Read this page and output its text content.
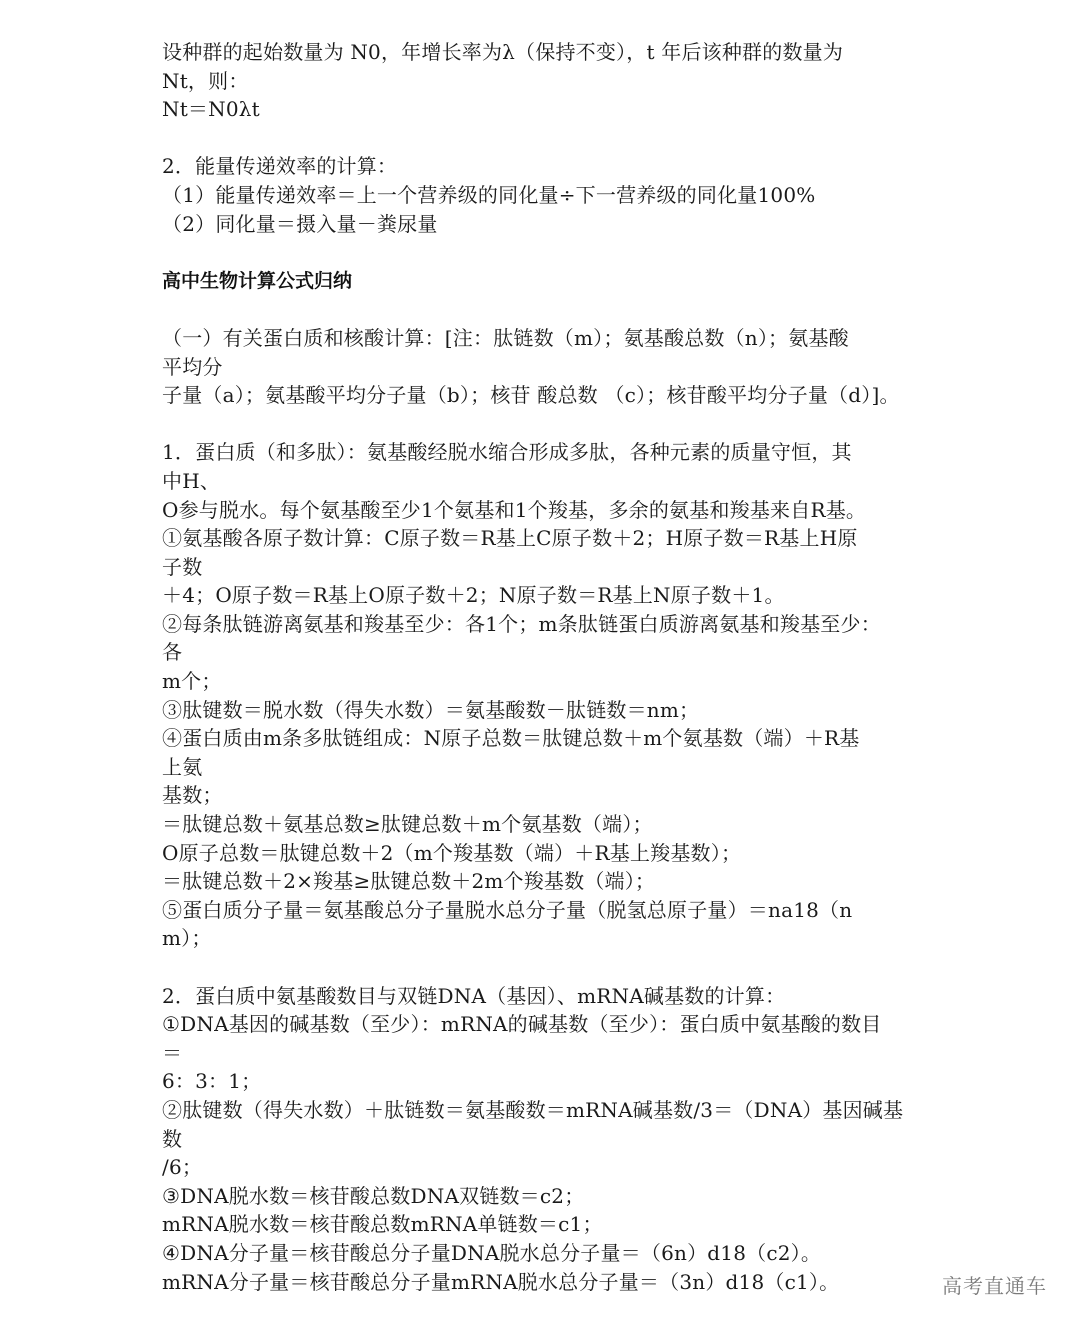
设种群的起始数量为 N0，年增长率为λ（保持不变），t 年后该种群的数量为
Nt，则：
Nt＝N0λt
2．能量传递效率的计算：
（1）能量传递效率＝上一个营养级的同化量÷下一营养级的同化量100%
（2）同化量＝摄入量－粪尿量
高中生物计算公式归纳
（一）有关蛋白质和核酸计算：[注：肽链数（m）；氨基酸总数（n）；氨基酸
平均分
子量（a）；氨基酸平均分子量（b）；核苷 酸总数 （c）；核苷酸平均分子量（d）]。
1．蛋白质（和多肽）：氨基酸经脱水缩合形成多肽，各种元素的质量守恒，其
中H、
O参与脱水。每个氨基酸至少1个氨基和1个羧基，多余的氨基和羧基来自R基。
①氨基酸各原子数计算：C原子数＝R基上C原子数＋2；H原子数＝R基上H原
子数
＋4；O原子数＝R基上O原子数＋2；N原子数＝R基上N原子数＋1。
②每条肽链游离氨基和羧基至少：各1个；m条肽链蛋白质游离氨基和羧基至少：
各
m个；
③肽键数＝脱水数（得失水数）＝氨基酸数－肽链数＝nm；
④蛋白质由m条多肽链组成：N原子总数＝肽键总数＋m个氨基数（端）＋R基
上氨
基数；
＝肽键总数＋氨基总数≥肽键总数＋m个氨基数（端）；
O原子总数＝肽键总数＋2（m个羧基数（端）＋R基上羧基数）；
＝肽键总数＋2×羧基≥肽键总数＋2m个羧基数（端）；
⑤蛋白质分子量＝氨基酸总分子量脱水总分子量（脱氢总原子量）＝na18（n
m）；
2．蛋白质中氨基酸数目与双链DNA（基因）、mRNA碱基数的计算：
①DNA基因的碱基数（至少）：mRNA的碱基数（至少）：蛋白质中氨基酸的数目
＝
6：3：1；
②肽键数（得失水数）＋肽链数＝氨基酸数＝mRNA碱基数/3＝（DNA）基因碱基
数
/6；
③DNA脱水数＝核苷酸总数DNA双链数＝c2；
mRNA脱水数＝核苷酸总数mRNA单链数＝c1；
④DNA分子量＝核苷酸总分子量DNA脱水总分子量＝（6n）d18（c2）。
mRNA分子量＝核苷酸总分子量mRNA脱水总分子量＝（3n）d18（c1）。	高考直通车
